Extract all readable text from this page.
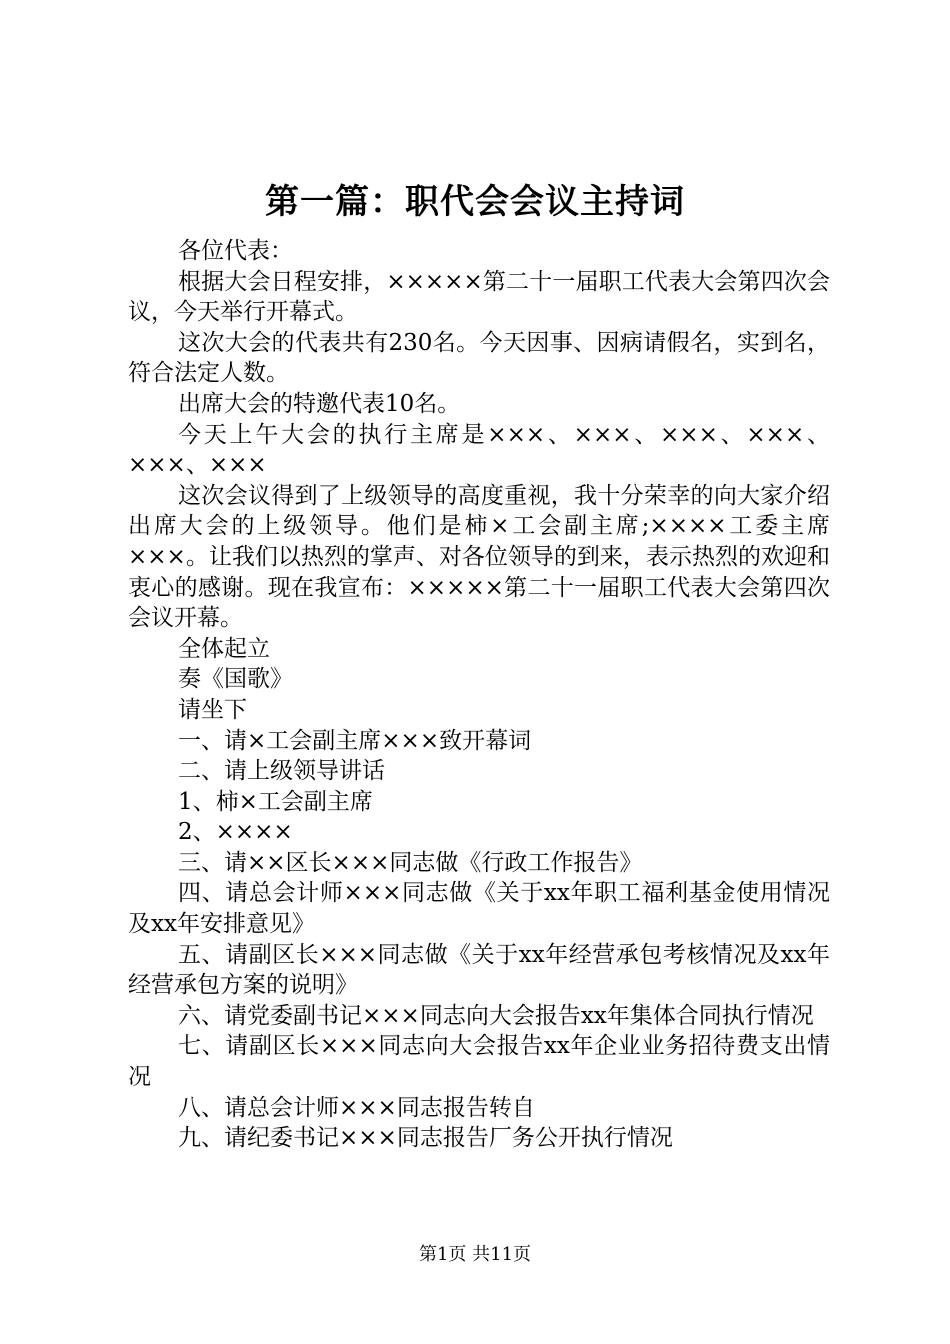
第一篇：职代会会议主持词

各位代表：

根据大会日程安排，×××××第二十一届职工代表大会第四次会议，今天举行开幕式。

这次大会的代表共有230名。今天因事、因病请假名，实到名，符合法定人数。

出席大会的特邀代表10名。

今天上午大会的执行主席是×××、×××、×××、×××、×××、×××

这次会议得到了上级领导的高度重视，我十分荣幸的向大家介绍出席大会的上级领导。他们是柿×工会副主席;××××工委主席×××。让我们以热烈的掌声、对各位领导的到来，表示热烈的欢迎和衷心的感谢。现在我宣布：×××××第二十一届职工代表大会第四次会议开幕。

全体起立

奏《国歌》

请坐下

一、请×工会副主席×××致开幕词

二、请上级领导讲话

1、柿×工会副主席

2、××××

三、请××区长×××同志做《行政工作报告》

四、请总会计师×××同志做《关于xx年职工福利基金使用情况及xx年安排意见》

五、请副区长×××同志做《关于xx年经营承包考核情况及xx年经营承包方案的说明》

六、请党委副书记×××同志向大会报告xx年集体合同执行情况

七、请副区长×××同志向大会报告xx年企业业务招待费支出情况

八、请总会计师×××同志报告转自

九、请纪委书记×××同志报告厂务公开执行情况

第1页 共11页
